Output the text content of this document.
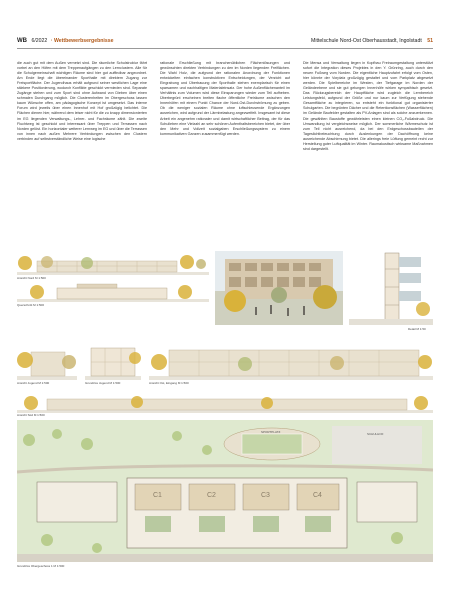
WB 6/2022 · Wettbewerbsergebnisse	Mittelschule Nord-Ost Oberhausstadt, Ingolstadt 51
die auch gut mit dem Außen vernetzt sind. Die räumliche Schulstruktur fährt vorbei an den Höfen mit dem Treppenaufgängen zu den Lernclustern. Alle für die Schulgemeinschaft wichtigen Räume sind hier gut auffindbar angeordnet. Am Ende liegt die übereinander Sporthalle mit direktem Zugang zur Freisportfläche. Der Jugendhaus erhält aufgrund seiner westlichen Lage eine stärkere Positionierung, wodurch Konflikte geschickt vermieden sind. Separate Zugänge stehen und zum Sport sind ohne Aufwand von Dieben über einen schmalen Durchgang möglich. Die Clusterenheiten im Obergeschoss lassen kaum Wünsche offen, am pädagogische Konzept ist umgesetzt. Das interne Forum wird jeweils über einen Innenhof mit Hof großzügig belichtet. Die Flächen dienen hier, während dem leiser nicht für die zu knapp dimensionierten im EG liegenden Verwaltungs-, Lehrer- und Fachräume zählt. Die zweite Fluchtweg ist geschickt und interessant über Treppen und Terrassen nach Norden gelöst. Ein horizontaler weiterer Lernweg im EG und über die Terrassen von innen nach außen Mehrere Verbindungen zwischen den Clustern verbinden auf selbstverständliche Weise eine logische
rationale Erschließung mit branchenüblichen Flächenlösungen und gewünschten direkten Verbindungen zu den im Norden liegenden Freiflächen. Die Wahl Holz, die aufgrund der rationalen Anordnung der Funktionen entwickelten einfachen konstruktiven Entscheidungen, der Verzicht auf Eingrabung und Überbauung der Sporthalle stehen exemplarisch für einen sparsamen und nachhaltigen Materialeinsatz. Der hohe Außenflächenanteil im Verhältnis zum Volumen wird diese Einsparungen wieder zum Teil aufheben. Überbegrünt erscheinen breiten flache öffentliche Freiräume zwischen den Innenhöfen mit einem Punkt Chance der Nord-Ost-Durchströmung zu geben. Ob die weniger sozialen Räume ohne luftschleusende Ergänzungen ausreichen, wird aufgrund der Lärmbelastung angezweifelt. Insgesamt ist diese Arbeit ein angenehm rationaler und damit wirtschaftlicher Beitrag, der für das Schulleben eine Vielzahl an sehr schönen Aufenthaltsbereichen bietet, der über den Mehr und Vollzeit sozialgaben Erschließungssystem zu einem kommunikativen Ganzen zusammenfügt werden.
Die Mensa und Verwaltung liegen in Kopfbau Freiraumgestaltung unterstützt sofort die Integration dieses Projektes in den Y. Grünring, auch durch den neuen Fußweg vom Norden. Die eigentliche Hauptzufahrt erfolgt vom Osten, hier könnte der Vorplatz großzügig gestaltet und vom Parkplatz abgesetzt werden. Die Spielbereiche im Westen, der Tiefgarage im Norden der Geländeebene und sie gut gelungen Innenhöfe wirken sympathisch gesetzt. Das Rückzugsbereich der Hauptfläche wird zugleich die Lernbereich Leistungsfeld, aufgrund der Größe und nur kaum zur Verfügung stehende Gesamtfläche zu integrieren, so entsteht ein funktional gut organisierter Schulgarten. Die begrünten Dächer und die Retentionsflächen (Wasserflächen) im Gelände Baufelder gestalten als PV-Anlagen sind als solche anzuerkennen. Die gewählten Baustoffe gewährleisten einen kleinen CO₂-Fußabdruck. Die Umwandlung ist vergleichsweise möglich. Der sommerliche Wärmeschutz ist zum Teil nicht ausreichend, da bei den Erdgeschossbauteilen der Tageslichtbeleuchtung durch Auslenkungen der Dachöffnung keine ausreichende Abschirmung bietet. Die allerings freie Lüftung gemeint recht zur Herstellung guter Luftqualität im Winter. Raumakustisch wirksame Maßnahmen sind dargestellt.
Ansicht Nord M 1:500
Querschnitt M 1:500
Detail M 1:50
Ansicht Jugend M 1:500	Grundriss Jugend M 1:500	Ansicht Ost, Eingang M 1:500
Ansicht Süd M 1:500
SPORTPLATZ	SCHULHOF
C1	C2	C3	C4
Grundriss Obergeschoss 1 M 1:500
